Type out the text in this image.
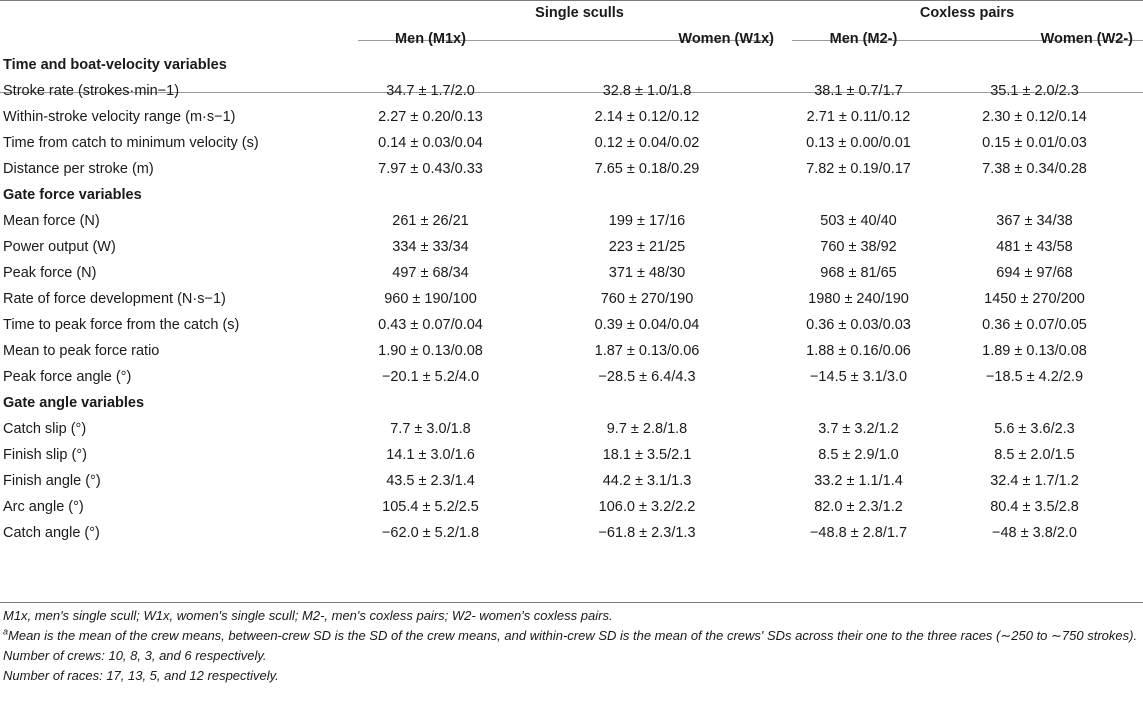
	Single sculls		Coxless pairs	
	Men (M1x)	Women (W1x)	Men (M2-)	Women (W2-)
Time and boat-velocity variables				
Stroke rate (strokes·min−1)	34.7 ± 1.7/2.0	32.8 ± 1.0/1.8	38.1 ± 0.7/1.7	35.1 ± 2.0/2.3
Within-stroke velocity range (m·s−1)	2.27 ± 0.20/0.13	2.14 ± 0.12/0.12	2.71 ± 0.11/0.12	2.30 ± 0.12/0.14
Time from catch to minimum velocity (s)	0.14 ± 0.03/0.04	0.12 ± 0.04/0.02	0.13 ± 0.00/0.01	0.15 ± 0.01/0.03
Distance per stroke (m)	7.97 ± 0.43/0.33	7.65 ± 0.18/0.29	7.82 ± 0.19/0.17	7.38 ± 0.34/0.28
Gate force variables				
Mean force (N)	261 ± 26/21	199 ± 17/16	503 ± 40/40	367 ± 34/38
Power output (W)	334 ± 33/34	223 ± 21/25	760 ± 38/92	481 ± 43/58
Peak force (N)	497 ± 68/34	371 ± 48/30	968 ± 81/65	694 ± 97/68
Rate of force development (N·s−1)	960 ± 190/100	760 ± 270/190	1980 ± 240/190	1450 ± 270/200
Time to peak force from the catch (s)	0.43 ± 0.07/0.04	0.39 ± 0.04/0.04	0.36 ± 0.03/0.03	0.36 ± 0.07/0.05
Mean to peak force ratio	1.90 ± 0.13/0.08	1.87 ± 0.13/0.06	1.88 ± 0.16/0.06	1.89 ± 0.13/0.08
Peak force angle (°)	−20.1 ± 5.2/4.0	−28.5 ± 6.4/4.3	−14.5 ± 3.1/3.0	−18.5 ± 4.2/2.9
Gate angle variables				
Catch slip (°)	7.7 ± 3.0/1.8	9.7 ± 2.8/1.8	3.7 ± 3.2/1.2	5.6 ± 3.6/2.3
Finish slip (°)	14.1 ± 3.0/1.6	18.1 ± 3.5/2.1	8.5 ± 2.9/1.0	8.5 ± 2.0/1.5
Finish angle (°)	43.5 ± 2.3/1.4	44.2 ± 3.1/1.3	33.2 ± 1.1/1.4	32.4 ± 1.7/1.2
Arc angle (°)	105.4 ± 5.2/2.5	106.0 ± 3.2/2.2	82.0 ± 2.3/1.2	80.4 ± 3.5/2.8
Catch angle (°)	−62.0 ± 5.2/1.8	−61.8 ± 2.3/1.3	−48.8 ± 2.8/1.7	−48 ± 3.8/2.0

M1x, men's single scull; W1x, women's single scull; M2-, men's coxless pairs; W2- women's coxless pairs.

$^a$Mean is the mean of the crew means, between-crew SD is the SD of the crew means, and within-crew SD is the mean of the crews' SDs across their one to the three races (∼250 to ∼750 strokes).

Number of crews: 10, 8, 3, and 6 respectively.

Number of races: 17, 13, 5, and 12 respectively.
